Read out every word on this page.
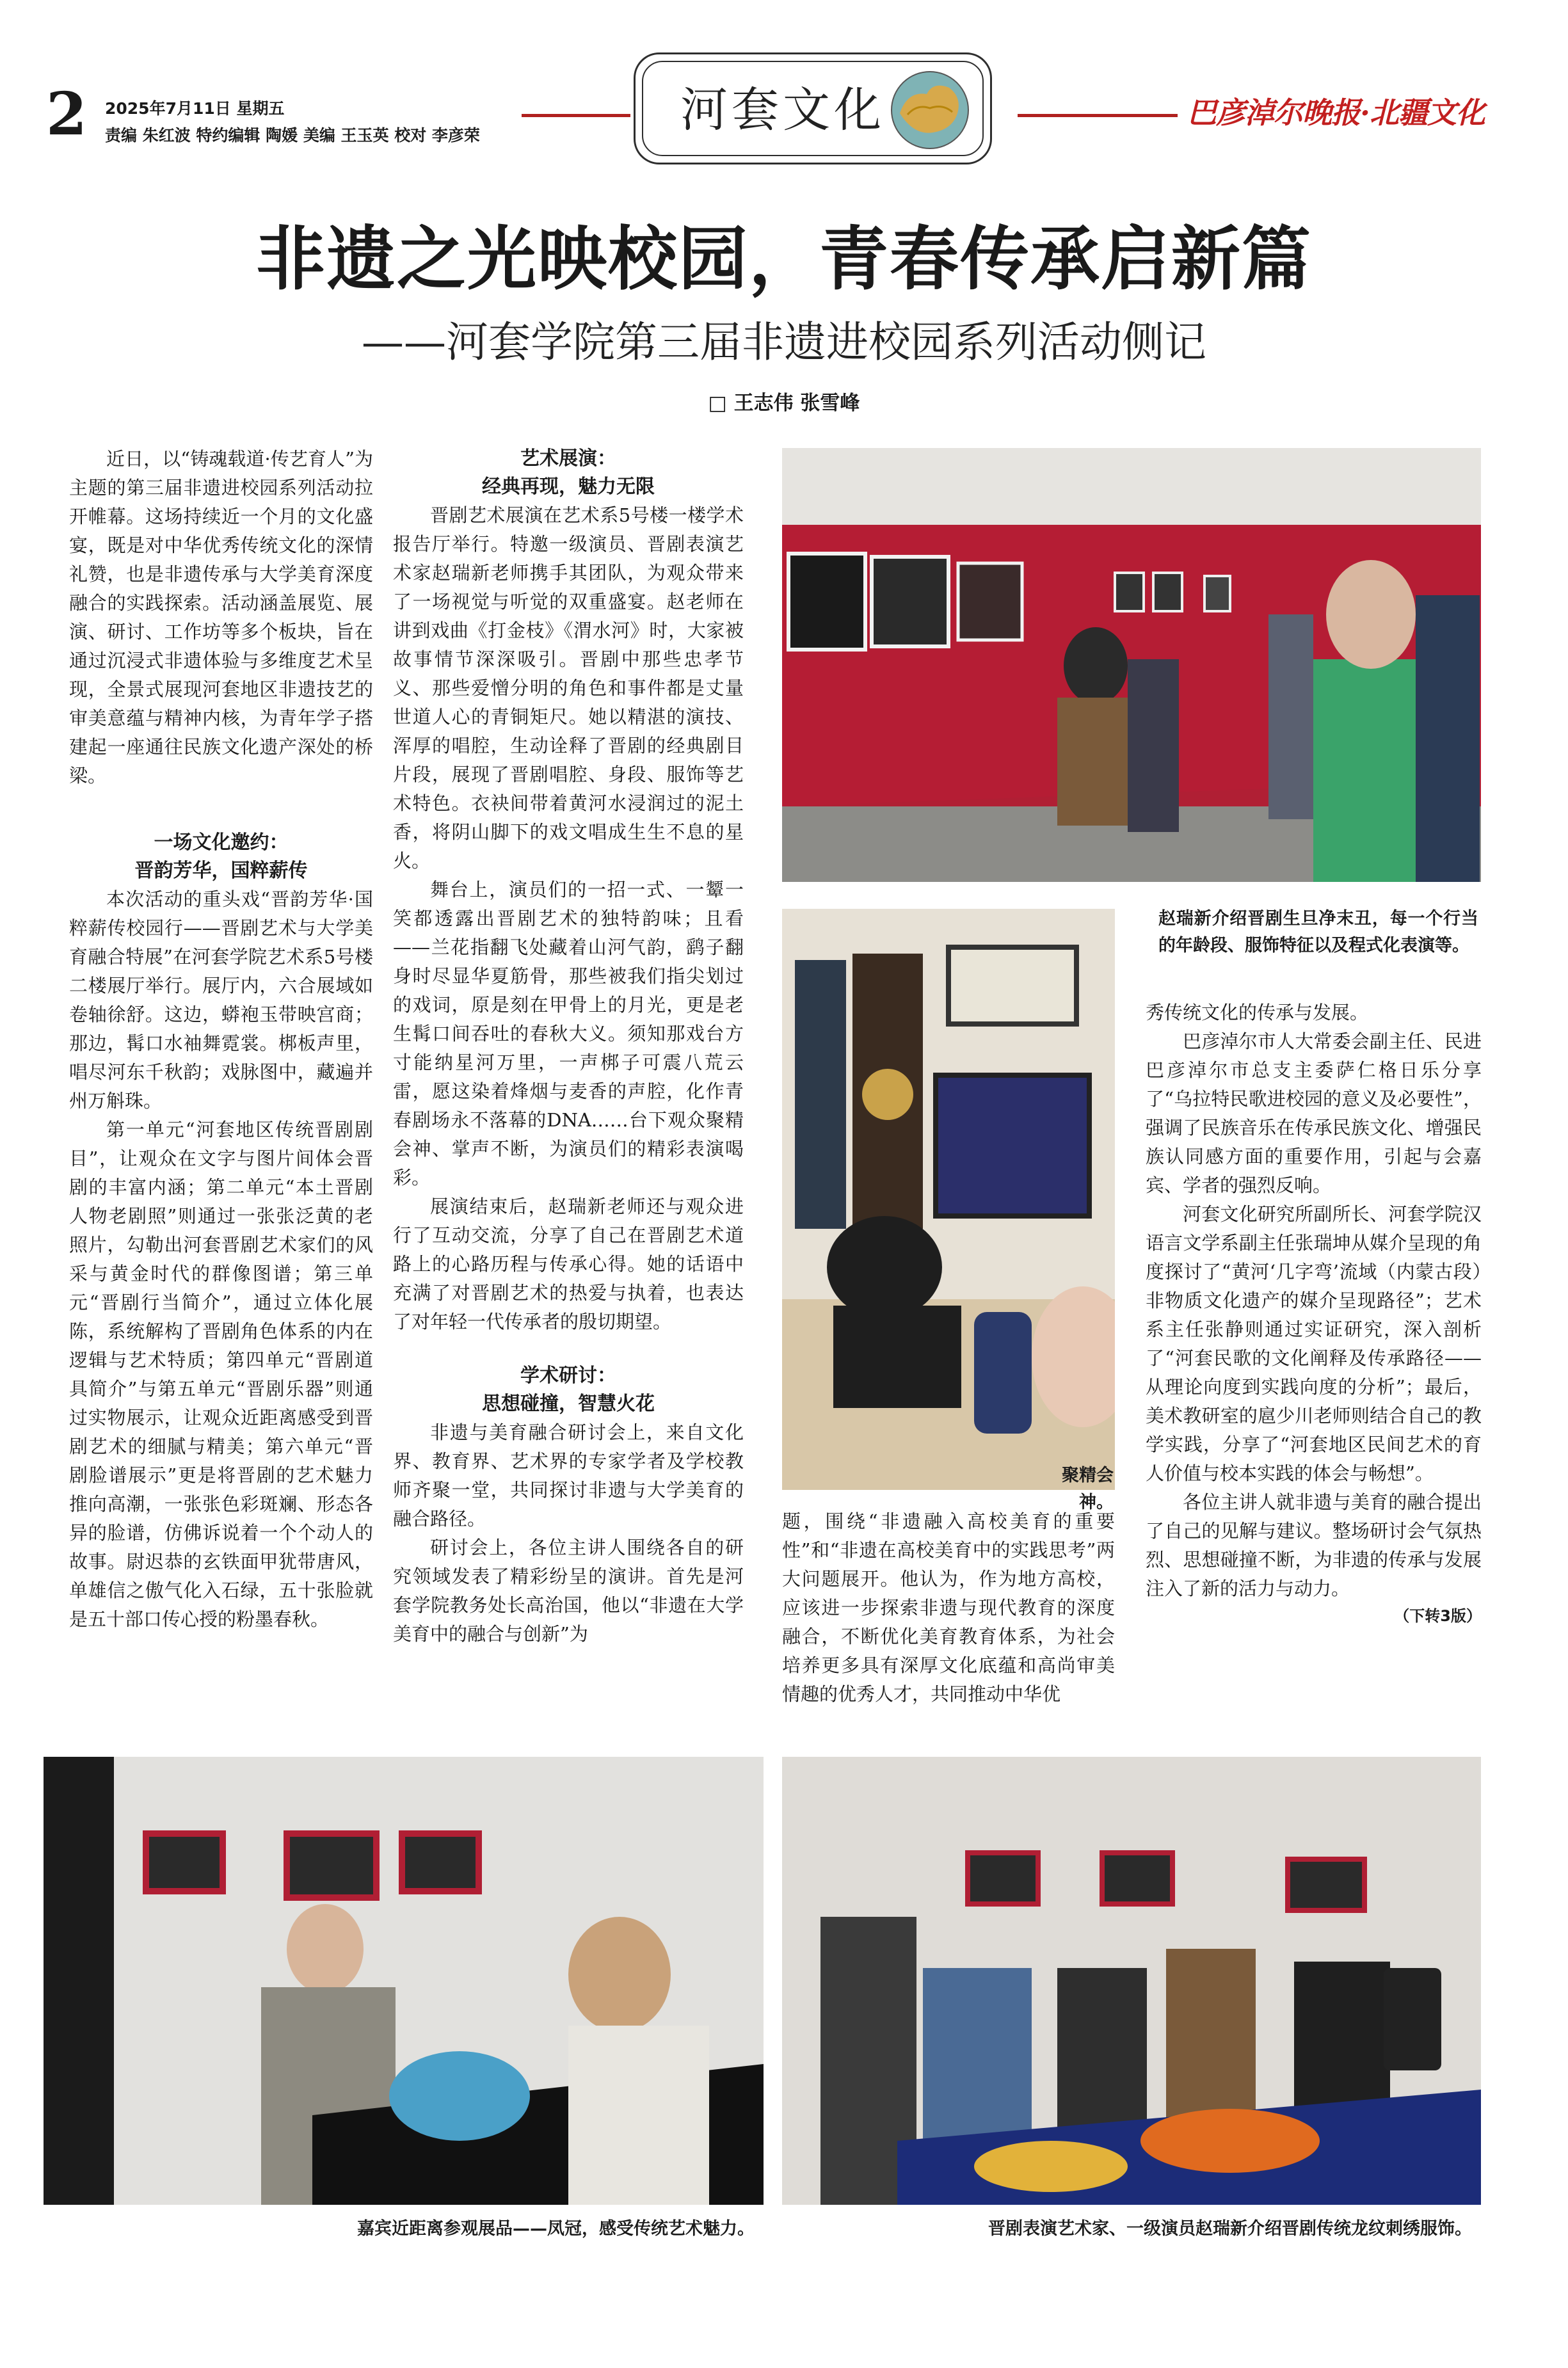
2 2025年7月11日 星期五
责编 朱红波 特约编辑 陶媛 美编 王玉英 校对 李彦荣	河套文化	巴彦淖尔晚报·北疆文化
非遗之光映校园，青春传承启新篇
——河套学院第三届非遗进校园系列活动侧记
□ 王志伟 张雪峰

近日，以“铸魂载道·传艺育人”为主题的第三届非遗进校园系列活动拉开帷幕。这场持续近一个月的文化盛宴，既是对中华优秀传统文化的深情礼赞，也是非遗传承与大学美育深度融合的实践探索。活动涵盖展览、展演、研讨、工作坊等多个板块，旨在通过沉浸式非遗体验与多维度艺术呈现，全景式展现河套地区非遗技艺的审美意蕴与精神内核，为青年学子搭建起一座通往民族文化遗产深处的桥梁。

一场文化邀约：

晋韵芳华，国粹薪传

本次活动的重头戏“晋韵芳华·国粹薪传校园行——晋剧艺术与大学美育融合特展”在河套学院艺术系5号楼二楼展厅举行。展厅内，六合展域如卷轴徐舒。这边，蟒袍玉带映宫商；那边，髯口水袖舞霓裳。梆板声里，唱尽河东千秋韵；戏脉图中，藏遍并州万斛珠。

第一单元“河套地区传统晋剧剧目”，让观众在文字与图片间体会晋剧的丰富内涵；第二单元“本土晋剧人物老剧照”则通过一张张泛黄的老照片，勾勒出河套晋剧艺术家们的风采与黄金时代的群像图谱；第三单元“晋剧行当简介”，通过立体化展陈，系统解构了晋剧角色体系的内在逻辑与艺术特质；第四单元“晋剧道具简介”与第五单元“晋剧乐器”则通过实物展示，让观众近距离感受到晋剧艺术的细腻与精美；第六单元“晋剧脸谱展示”更是将晋剧的艺术魅力推向高潮，一张张色彩斑斓、形态各异的脸谱，仿佛诉说着一个个动人的故事。尉迟恭的玄铁面甲犹带唐风，单雄信之傲气化入石绿，五十张脸就是五十部口传心授的粉墨春秋。

艺术展演：

经典再现，魅力无限

晋剧艺术展演在艺术系5号楼一楼学术报告厅举行。特邀一级演员、晋剧表演艺术家赵瑞新老师携手其团队，为观众带来了一场视觉与听觉的双重盛宴。赵老师在讲到戏曲《打金枝》《渭水河》时，大家被故事情节深深吸引。晋剧中那些忠孝节义、那些爱憎分明的角色和事件都是丈量世道人心的青铜矩尺。她以精湛的演技、浑厚的唱腔，生动诠释了晋剧的经典剧目片段，展现了晋剧唱腔、身段、服饰等艺术特色。衣袂间带着黄河水浸润过的泥土香，将阴山脚下的戏文唱成生生不息的星火。

舞台上，演员们的一招一式、一颦一笑都透露出晋剧艺术的独特韵味；且看——兰花指翻飞处藏着山河气韵，鹞子翻身时尽显华夏筋骨，那些被我们指尖划过的戏词，原是刻在甲骨上的月光，更是老生髯口间吞吐的春秋大义。须知那戏台方寸能纳星河万里，一声梆子可震八荒云雷，愿这染着烽烟与麦香的声腔，化作青春剧场永不落幕的DNA……台下观众聚精会神、掌声不断，为演员们的精彩表演喝彩。

展演结束后，赵瑞新老师还与观众进行了互动交流，分享了自己在晋剧艺术道路上的心路历程与传承心得。她的话语中充满了对晋剧艺术的热爱与执着，也表达了对年轻一代传承者的殷切期望。

学术研讨：

思想碰撞，智慧火花

非遗与美育融合研讨会上，来自文化界、教育界、艺术界的专家学者及学校教师齐聚一堂，共同探讨非遗与大学美育的融合路径。

研讨会上，各位主讲人围绕各自的研究领域发表了精彩纷呈的演讲。首先是河套学院教务处长高治国，他以“非遗在大学美育中的融合与创新”为

赵瑞新介绍晋剧生旦净末丑，每一个行当的年龄段、服饰特征以及程式化表演等。
聚精会神。

题，围绕“非遗融入高校美育的重要性”和“非遗在高校美育中的实践思考”两大问题展开。他认为，作为地方高校，应该进一步探索非遗与现代教育的深度融合，不断优化美育教育体系，为社会培养更多具有深厚文化底蕴和高尚审美情趣的优秀人才，共同推动中华优

秀传统文化的传承与发展。

巴彦淖尔市人大常委会副主任、民进巴彦淖尔市总支主委萨仁格日乐分享了“乌拉特民歌进校园的意义及必要性”，强调了民族音乐在传承民族文化、增强民族认同感方面的重要作用，引起与会嘉宾、学者的强烈反响。

河套文化研究所副所长、河套学院汉语言文学系副主任张瑞坤从媒介呈现的角度探讨了“黄河‘几字弯’流域（内蒙古段）非物质文化遗产的媒介呈现路径”；艺术系主任张静则通过实证研究，深入剖析了“河套民歌的文化阐释及传承路径——从理论向度到实践向度的分析”；最后，美术教研室的扈少川老师则结合自己的教学实践，分享了“河套地区民间艺术的育人价值与校本实践的体会与畅想”。

各位主讲人就非遗与美育的融合提出了自己的见解与建议。整场研讨会气氛热烈、思想碰撞不断，为非遗的传承与发展注入了新的活力与动力。

（下转3版）
嘉宾近距离参观展品——凤冠，感受传统艺术魅力。	晋剧表演艺术家、一级演员赵瑞新介绍晋剧传统龙纹刺绣服饰。
